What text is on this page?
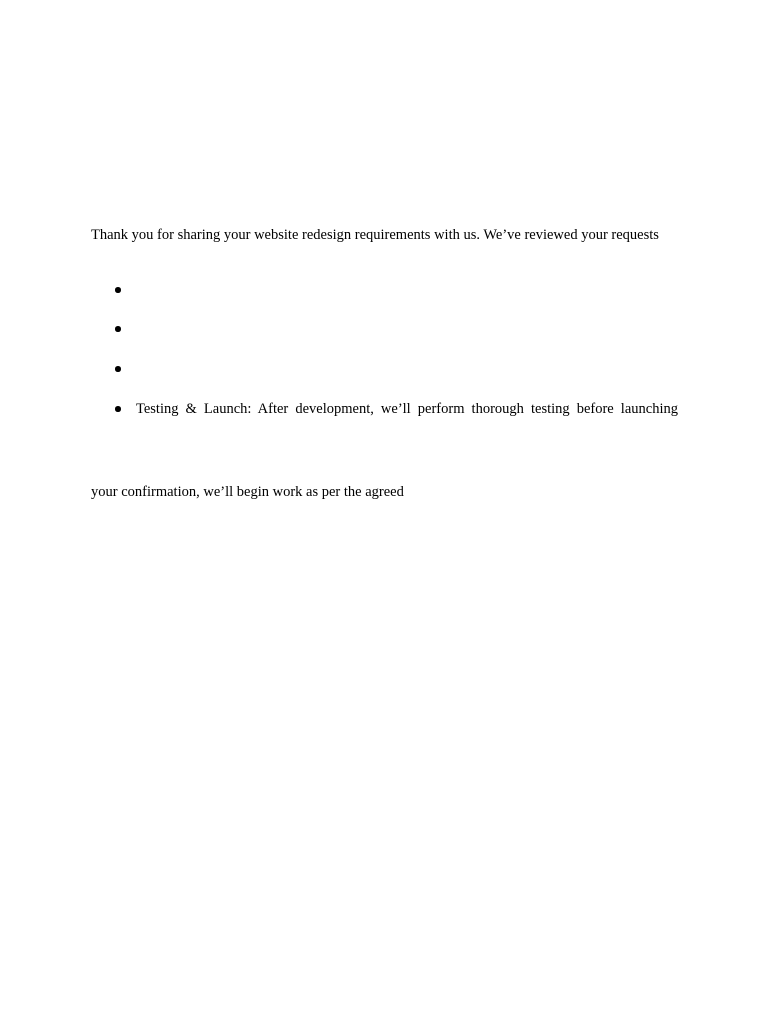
Thank you for sharing your website redesign requirements with us. We’ve reviewed your requests

Testing & Launch: After development, we’ll perform thorough testing before launching

your confirmation, we’ll begin work as per the agreed
